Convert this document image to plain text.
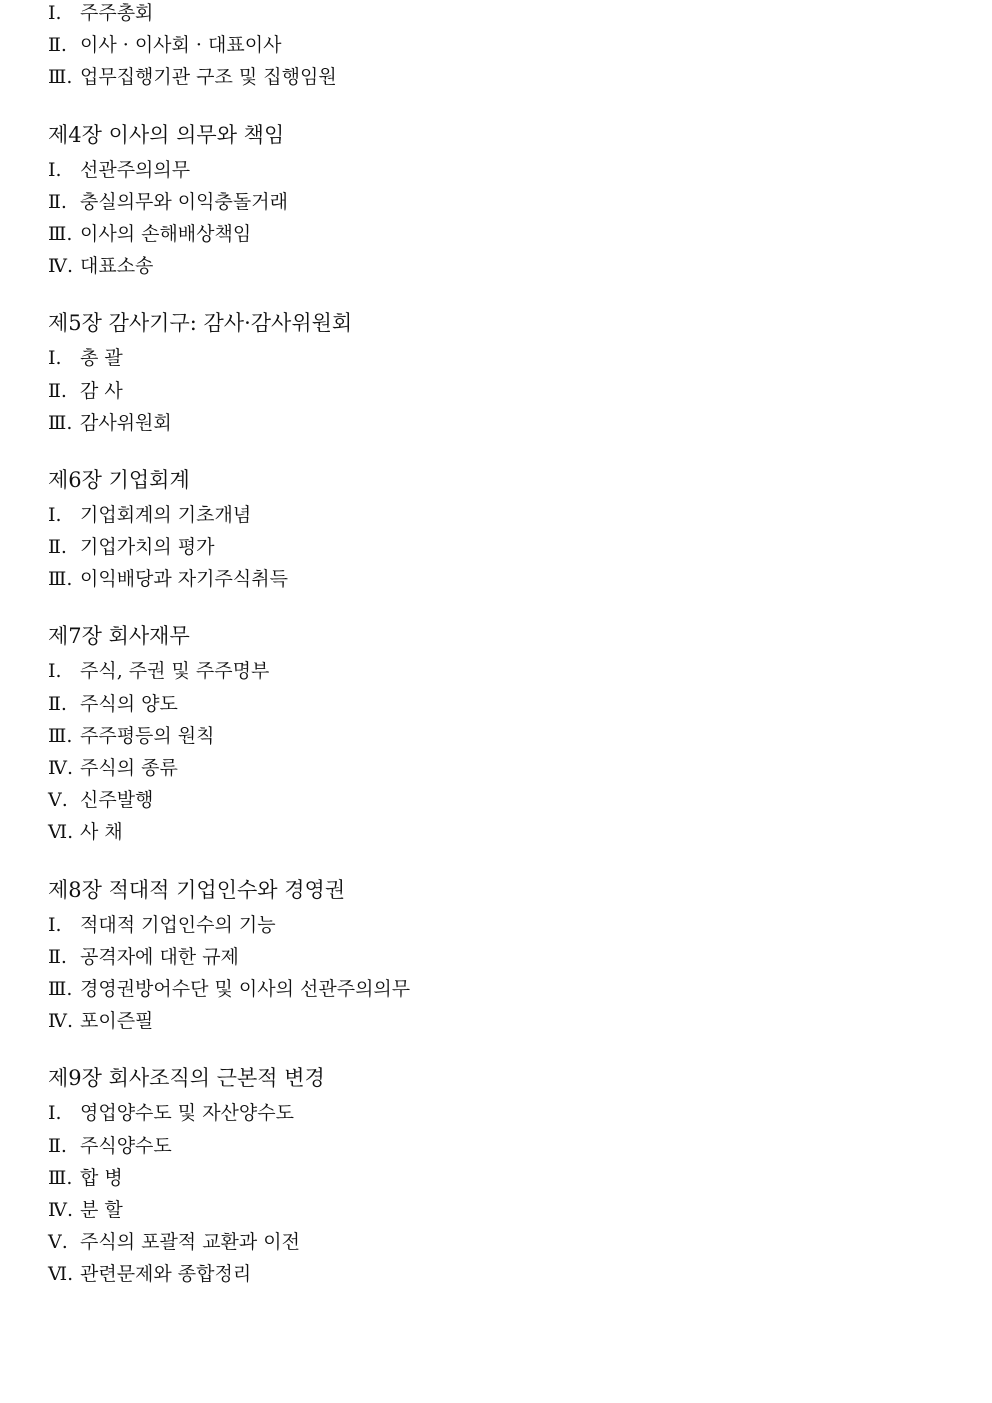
Ⅰ. 주주총회
Ⅱ. 이사 · 이사회 · 대표이사
Ⅲ. 업무집행기관 구조 및 집행임원
제4장 이사의 의무와 책임
Ⅰ. 선관주의의무
Ⅱ. 충실의무와 이익충돌거래
Ⅲ. 이사의 손해배상책임
Ⅳ. 대표소송
제5장 감사기구: 감사·감사위원회
Ⅰ. 총 괄
Ⅱ. 감 사
Ⅲ. 감사위원회
제6장 기업회계
Ⅰ. 기업회계의 기초개념
Ⅱ. 기업가치의 평가
Ⅲ. 이익배당과 자기주식취득
제7장 회사재무
Ⅰ. 주식, 주권 및 주주명부
Ⅱ. 주식의 양도
Ⅲ. 주주평등의 원칙
Ⅳ. 주식의 종류
Ⅴ. 신주발행
Ⅵ. 사 채
제8장 적대적 기업인수와 경영권
Ⅰ. 적대적 기업인수의 기능
Ⅱ. 공격자에 대한 규제
Ⅲ. 경영권방어수단 및 이사의 선관주의의무
Ⅳ. 포이즌필
제9장 회사조직의 근본적 변경
Ⅰ. 영업양수도 및 자산양수도
Ⅱ. 주식양수도
Ⅲ. 합 병
Ⅳ. 분 할
Ⅴ. 주식의 포괄적 교환과 이전
Ⅵ. 관련문제와 종합정리
